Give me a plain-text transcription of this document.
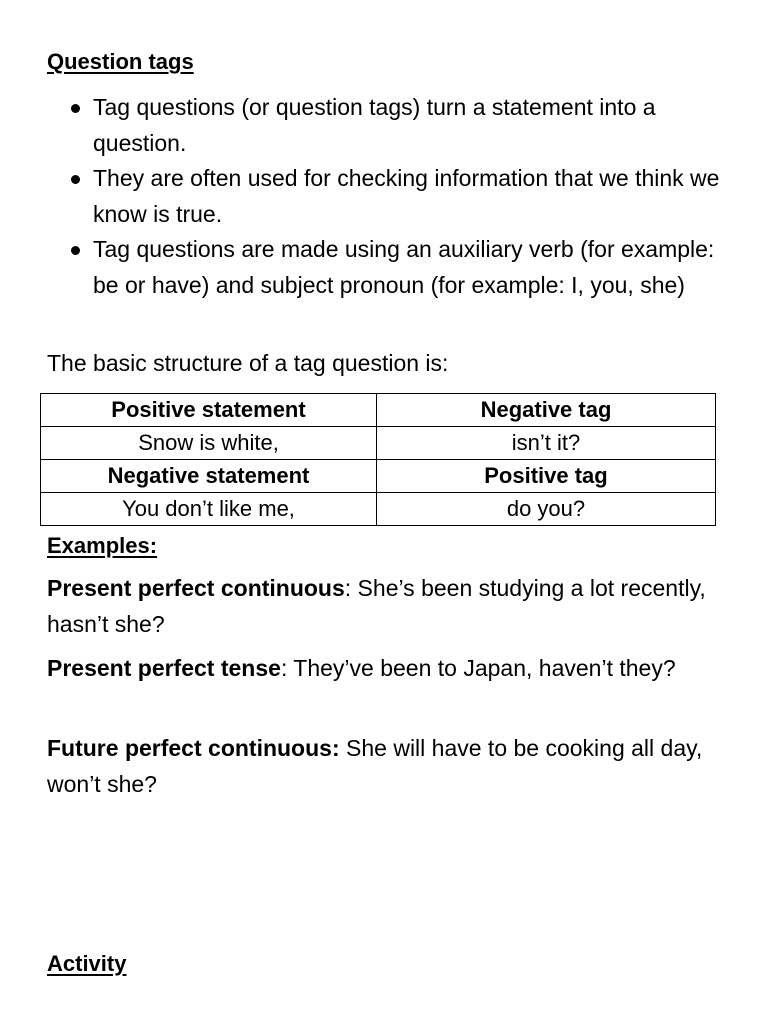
Question tags
Tag questions (or question tags) turn a statement into a question.
They are often used for checking information that we think we know is true.
Tag questions are made using an auxiliary verb (for example: be or have) and subject pronoun (for example: I, you, she)
The basic structure of a tag question is:
Positive statement	Negative tag
Snow is white,	isn’t it?
Negative statement	Positive tag
You don’t like me,	do you?
Examples:
Present perfect continuous: She’s been studying a lot recently, hasn’t she?
Present perfect tense: They’ve been to Japan, haven’t they?
Future perfect continuous: She will have to be cooking all day, won’t she?
Activity
